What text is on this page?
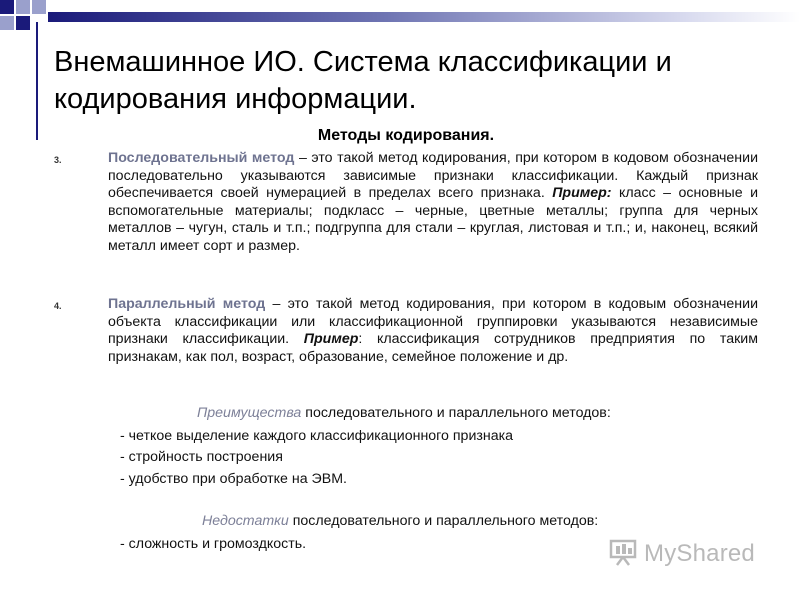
Внемашинное ИО. Система классификации и кодирования информации.
Методы кодирования.
3.	Последовательный метод – это такой метод кодирования, при котором в кодовом обозначении последовательно указываются зависимые признаки классификации. Каждый признак обеспечивается своей нумерацией в пределах всего признака. Пример: класс – основные и вспомогательные материалы; подкласс – черные, цветные металлы; группа для черных металлов – чугун, сталь и т.п.; подгруппа для стали – круглая, листовая и т.п.; и, наконец, всякий металл имеет сорт и размер.
4.	Параллельный метод – это такой метод кодирования, при котором в кодовым обозначении объекта классификации или классификационной группировки указываются независимые признаки классификации. Пример: классификация сотрудников предприятия по таким признакам, как пол, возраст, образование, семейное положение и др.
Преимущества последовательного и параллельного методов:
- четкое выделение каждого классификационного признака
- стройность построения
- удобство при обработке на ЭВМ.
Недостатки последовательного и параллельного методов:
- сложность и громоздкость.	MyShared
